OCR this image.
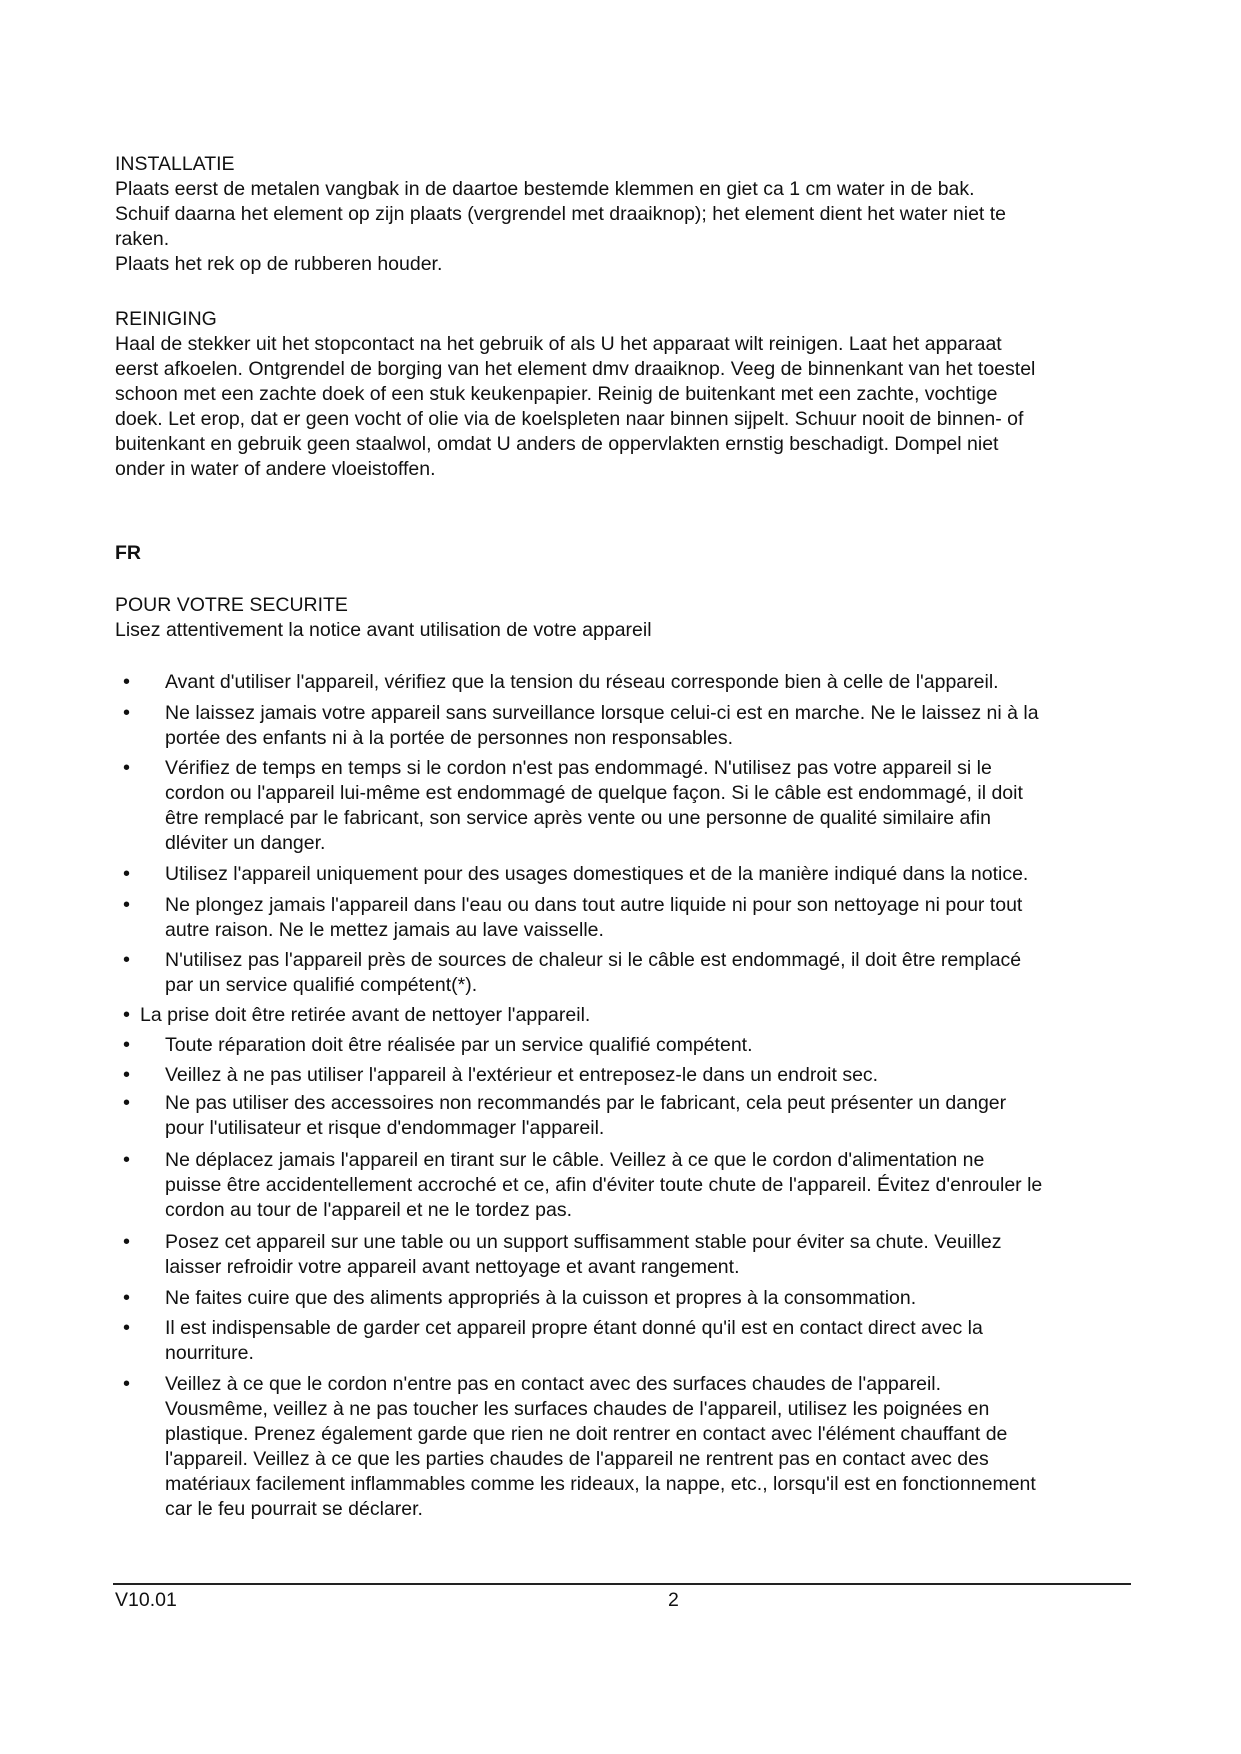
INSTALLATIE
Plaats eerst de metalen vangbak in de daartoe bestemde klemmen en giet ca 1 cm water in de bak.
Schuif daarna het element op zijn plaats (vergrendel met draaiknop); het element dient het water niet te
raken.
Plaats het rek op de rubberen houder.
REINIGING
Haal de stekker uit het stopcontact na het gebruik of als U het apparaat wilt reinigen. Laat het apparaat
eerst afkoelen. Ontgrendel de borging van het element dmv draaiknop. Veeg de binnenkant van het toestel
schoon met een zachte doek of een stuk keukenpapier. Reinig de buitenkant met een zachte, vochtige
doek. Let erop, dat er geen vocht of olie via de koelspleten naar binnen sijpelt. Schuur nooit de binnen- of
buitenkant en gebruik geen staalwol, omdat U anders de oppervlakten ernstig beschadigt. Dompel niet
onder in water of andere vloeistoffen.
FR
POUR VOTRE SECURITE
Lisez attentivement la notice avant utilisation de votre appareil
• Avant d'utiliser l'appareil, vérifiez que la tension du réseau corresponde bien à celle de l'appareil.
• Ne laissez jamais votre appareil sans surveillance lorsque celui-ci est en marche. Ne le laissez ni à la
portée des enfants ni à la portée de personnes non responsables.
• Vérifiez de temps en temps si le cordon n'est pas endommagé. N'utilisez pas votre appareil si le
cordon ou l'appareil lui-même est endommagé de quelque façon. Si le câble est endommagé, il doit
être remplacé par le fabricant, son service après vente ou une personne de qualité similaire afin
dléviter un danger.
• Utilisez l'appareil uniquement pour des usages domestiques et de la manière indiqué dans la notice.
• Ne plongez jamais l'appareil dans l'eau ou dans tout autre liquide ni pour son nettoyage ni pour tout
autre raison. Ne le mettez jamais au lave vaisselle.
• N'utilisez pas l'appareil près de sources de chaleur si le câble est endommagé, il doit être remplacé
par un service qualifié compétent(*).
• La prise doit être retirée avant de nettoyer l'appareil.
• Toute réparation doit être réalisée par un service qualifié compétent.
• Veillez à ne pas utiliser l'appareil à l'extérieur et entreposez-le dans un endroit sec.
• Ne pas utiliser des accessoires non recommandés par le fabricant, cela peut présenter un danger
pour l'utilisateur et risque d'endommager l'appareil.
• Ne déplacez jamais l'appareil en tirant sur le câble. Veillez à ce que le cordon d'alimentation ne
puisse être accidentellement accroché et ce, afin d'éviter toute chute de l'appareil. Évitez d'enrouler le
cordon au tour de l'appareil et ne le tordez pas.
• Posez cet appareil sur une table ou un support suffisamment stable pour éviter sa chute. Veuillez
laisser refroidir votre appareil avant nettoyage et avant rangement.
• Ne faites cuire que des aliments appropriés à la cuisson et propres à la consommation.
• Il est indispensable de garder cet appareil propre étant donné qu'il est en contact direct avec la
nourriture.
• Veillez à ce que le cordon n'entre pas en contact avec des surfaces chaudes de l'appareil.
Vousmême, veillez à ne pas toucher les surfaces chaudes de l'appareil, utilisez les poignées en
plastique. Prenez également garde que rien ne doit rentrer en contact avec l'élément chauffant de
l'appareil. Veillez à ce que les parties chaudes de l'appareil ne rentrent pas en contact avec des
matériaux facilement inflammables comme les rideaux, la nappe, etc., lorsqu'il est en fonctionnement
car le feu pourrait se déclarer.
V10.01	2
